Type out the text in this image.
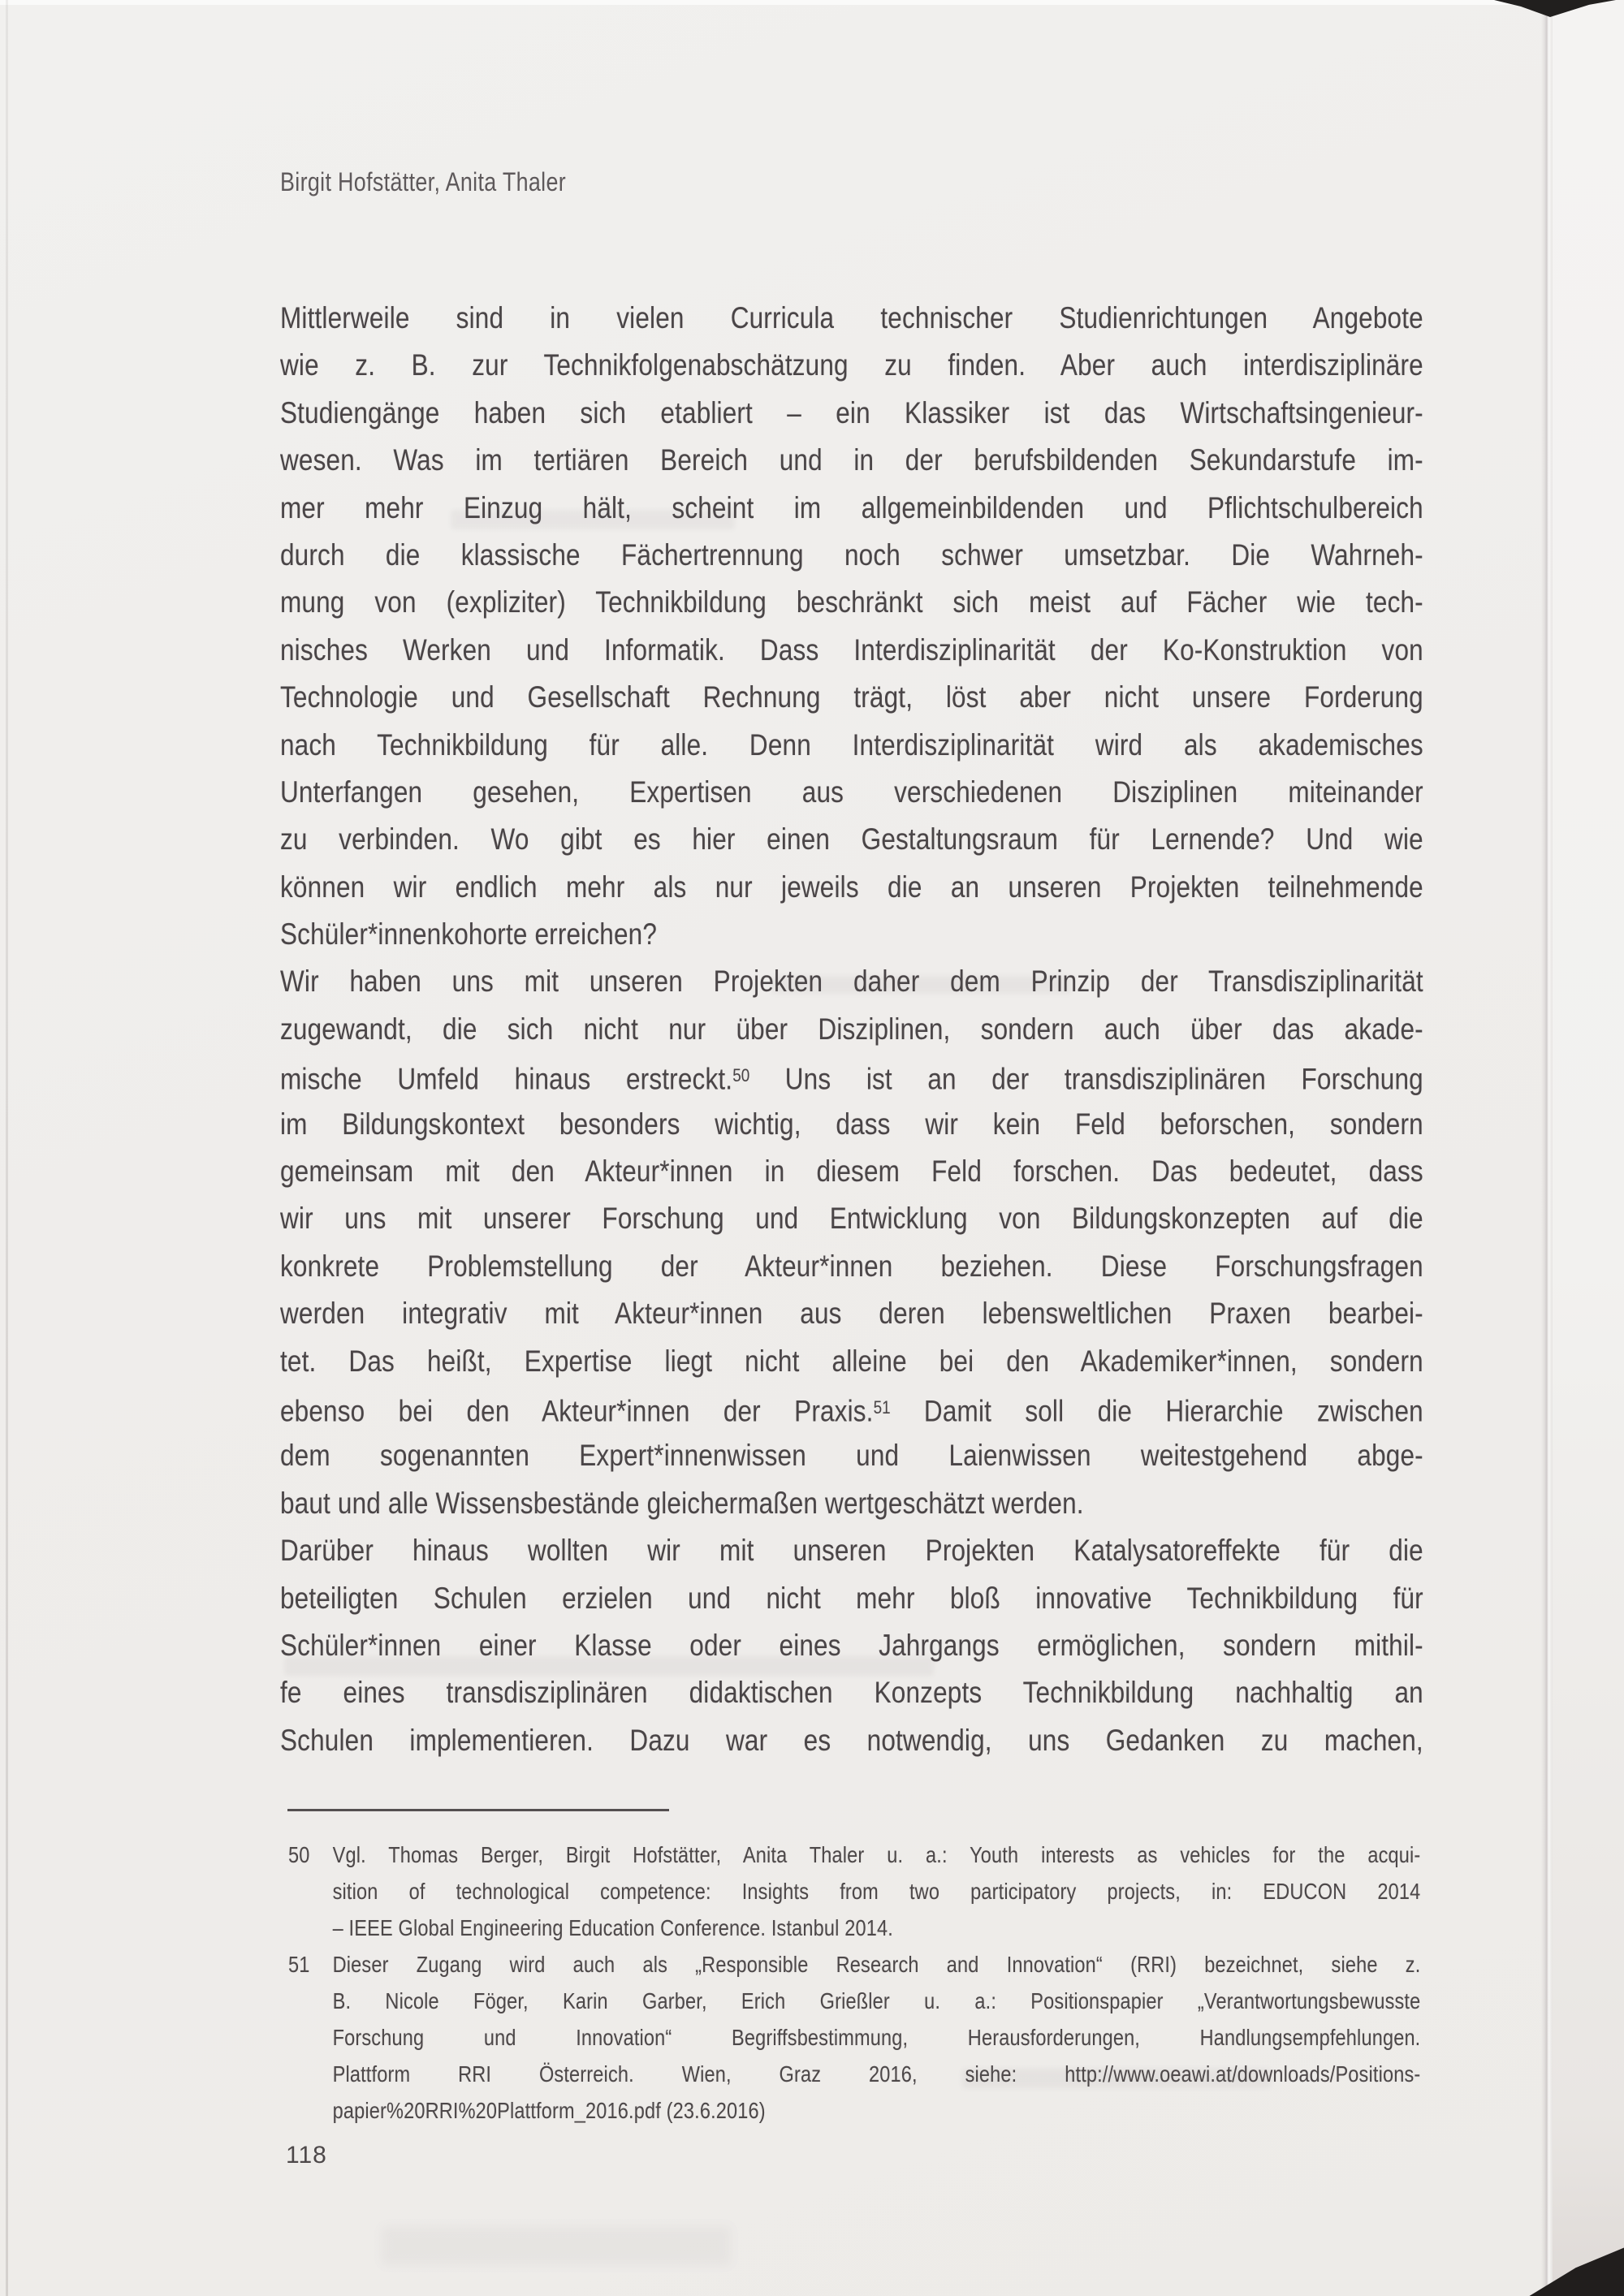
Birgit Hofstätter, Anita Thaler
Mittlerweile sind in vielen Curricula technischer Studienrichtungen Angebote
wie z. B. zur Technikfolgenabschätzung zu finden. Aber auch interdisziplinäre
Studiengänge haben sich etabliert – ein Klassiker ist das Wirtschaftsingenieur-
wesen. Was im tertiären Bereich und in der berufsbildenden Sekundarstufe im-
mer mehr Einzug hält, scheint im allgemeinbildenden und Pflichtschulbereich
durch die klassische Fächertrennung noch schwer umsetzbar. Die Wahrneh-
mung von (expliziter) Technikbildung beschränkt sich meist auf Fächer wie tech-
nisches Werken und Informatik. Dass Interdisziplinarität der Ko-Konstruktion von
Technologie und Gesellschaft Rechnung trägt, löst aber nicht unsere Forderung
nach Technikbildung für alle. Denn Interdisziplinarität wird als akademisches
Unterfangen gesehen, Expertisen aus verschiedenen Disziplinen miteinander
zu verbinden. Wo gibt es hier einen Gestaltungsraum für Lernende? Und wie
können wir endlich mehr als nur jeweils die an unseren Projekten teilnehmende
Schüler*innenkohorte erreichen?
Wir haben uns mit unseren Projekten daher dem Prinzip der Transdisziplinarität
zugewandt, die sich nicht nur über Disziplinen, sondern auch über das akade-
mische Umfeld hinaus erstreckt.$^{50}$ Uns ist an der transdisziplinären Forschung
im Bildungskontext besonders wichtig, dass wir kein Feld beforschen, sondern
gemeinsam mit den Akteur*innen in diesem Feld forschen. Das bedeutet, dass
wir uns mit unserer Forschung und Entwicklung von Bildungskonzepten auf die
konkrete Problemstellung der Akteur*innen beziehen. Diese Forschungsfragen
werden integrativ mit Akteur*innen aus deren lebensweltlichen Praxen bearbei-
tet. Das heißt, Expertise liegt nicht alleine bei den Akademiker*innen, sondern
ebenso bei den Akteur*innen der Praxis.$^{51}$ Damit soll die Hierarchie zwischen
dem sogenannten Expert*innenwissen und Laienwissen weitestgehend abge-
baut und alle Wissensbestände gleichermaßen wertgeschätzt werden.
Darüber hinaus wollten wir mit unseren Projekten Katalysatoreffekte für die
beteiligten Schulen erzielen und nicht mehr bloß innovative Technikbildung für
Schüler*innen einer Klasse oder eines Jahrgangs ermöglichen, sondern mithil-
fe eines transdisziplinären didaktischen Konzepts Technikbildung nachhaltig an
Schulen implementieren. Dazu war es notwendig, uns Gedanken zu machen,
50	Vgl. Thomas Berger, Birgit Hofstätter, Anita Thaler u. a.: Youth interests as vehicles for the acqui-
sition of technological competence: Insights from two participatory projects, in: EDUCON 2014
– IEEE Global Engineering Education Conference. Istanbul 2014.
51	Dieser Zugang wird auch als „Responsible Research and Innovation“ (RRI) bezeichnet, siehe z.
B. Nicole Föger, Karin Garber, Erich Grießler u. a.: Positionspapier „Verantwortungsbewusste
Forschung und Innovation“ Begriffsbestimmung, Herausforderungen, Handlungsempfehlungen.
Plattform RRI Österreich. Wien, Graz 2016, siehe: http://www.oeawi.at/downloads/Positions-
papier%20RRI%20Plattform_2016.pdf (23.6.2016)
118
